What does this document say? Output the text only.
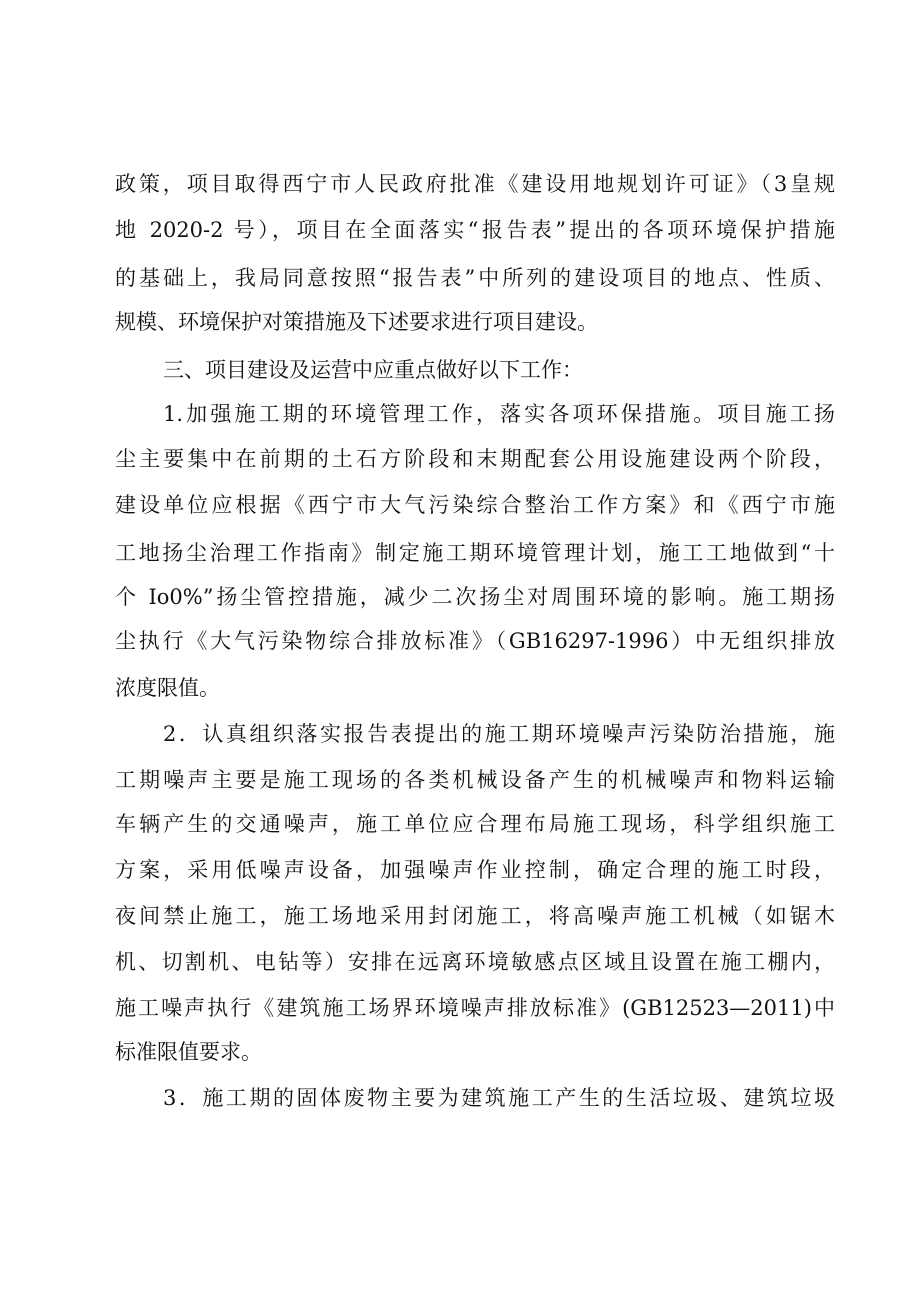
政策，项目取得西宁市人民政府批准《建设用地规划许可证》（3皇规
地 2020-2 号），项目在全面落实“报告表”提出的各项环境保护措施
的基础上，我局同意按照“报告表”中所列的建设项目的地点、性质、
规模、环境保护对策措施及下述要求进行项目建设。
三、项目建设及运营中应重点做好以下工作：
1.加强施工期的环境管理工作，落实各项环保措施。项目施工扬
尘主要集中在前期的土石方阶段和末期配套公用设施建设两个阶段，
建设单位应根据《西宁市大气污染综合整治工作方案》和《西宁市施
工地扬尘治理工作指南》制定施工期环境管理计划，施工工地做到“十
个 Io0%”扬尘管控措施，减少二次扬尘对周围环境的影响。施工期扬
尘执行《大气污染物综合排放标准》（GB16297-1996）中无组织排放
浓度限值。
2．认真组织落实报告表提出的施工期环境噪声污染防治措施，施
工期噪声主要是施工现场的各类机械设备产生的机械噪声和物料运输
车辆产生的交通噪声，施工单位应合理布局施工现场，科学组织施工
方案，采用低噪声设备，加强噪声作业控制，确定合理的施工时段，
夜间禁止施工，施工场地采用封闭施工，将高噪声施工机械（如锯木
机、切割机、电钻等）安排在远离环境敏感点区域且设置在施工棚内，
施工噪声执行《建筑施工场界环境噪声排放标准》(GB12523—2011)中
标准限值要求。
3．施工期的固体废物主要为建筑施工产生的生活垃圾、建筑垃圾
